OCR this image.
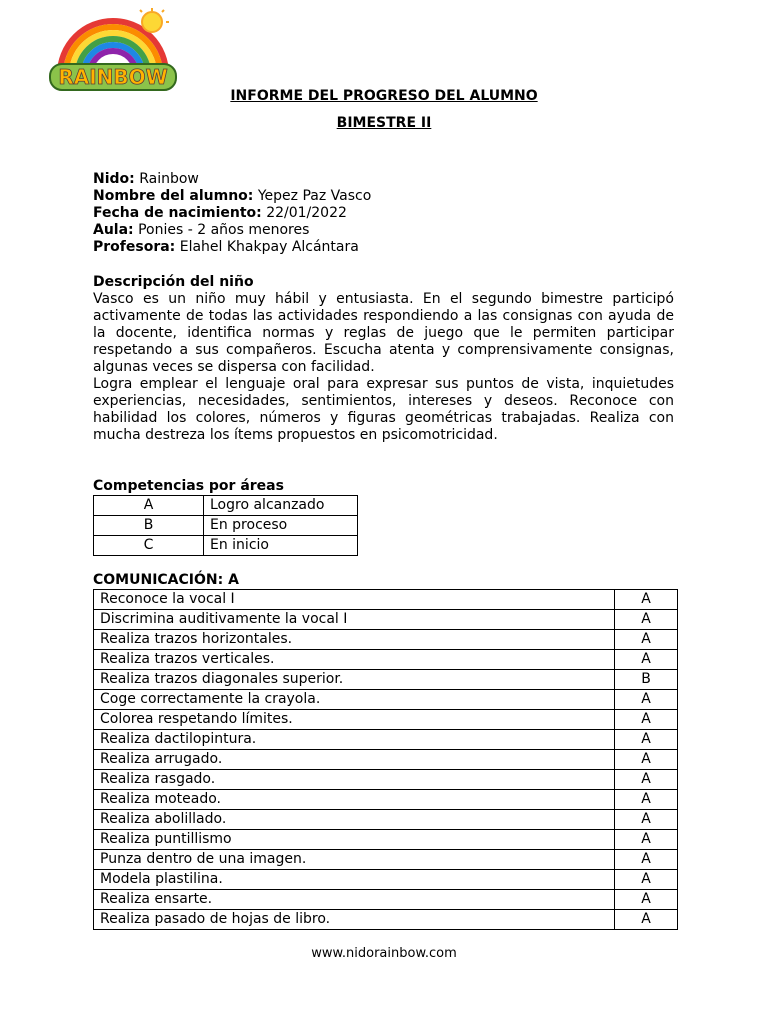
RAINBOW
INFORME DEL PROGRESO DEL ALUMNO
BIMESTRE II
Nido: Rainbow
Nombre del alumno: Yepez Paz Vasco
Fecha de nacimiento: 22/01/2022
Aula: Ponies - 2 años menores
Profesora: Elahel Khakpay Alcántara
Descripción del niño

Vasco es un niño muy hábil y entusiasta. En el segundo bimestre participó activamente de todas las actividades respondiendo a las consignas con ayuda de la docente, identifica normas y reglas de juego que le permiten participar respetando a sus compañeros. Escucha atenta y comprensivamente consignas, algunas veces se dispersa con facilidad.

Logra emplear el lenguaje oral para expresar sus puntos de vista, inquietudes experiencias, necesidades, sentimientos, intereses y deseos. Reconoce con habilidad los colores, números y figuras geométricas trabajadas. Realiza con mucha destreza los ítems propuestos en psicomotricidad.

Competencias por áreas
A	Logro alcanzado
B	En proceso
C	En inicio
COMUNICACIÓN: A
Reconoce la vocal I	A
Discrimina auditivamente la vocal I	A
Realiza trazos horizontales.	A
Realiza trazos verticales.	A
Realiza trazos diagonales superior.	B
Coge correctamente la crayola.	A
Colorea respetando límites.	A
Realiza dactilopintura.	A
Realiza arrugado.	A
Realiza rasgado.	A
Realiza moteado.	A
Realiza abolillado.	A
Realiza puntillismo	A
Punza dentro de una imagen.	A
Modela plastilina.	A
Realiza ensarte.	A
Realiza pasado de hojas de libro.	A
www.nidorainbow.com
